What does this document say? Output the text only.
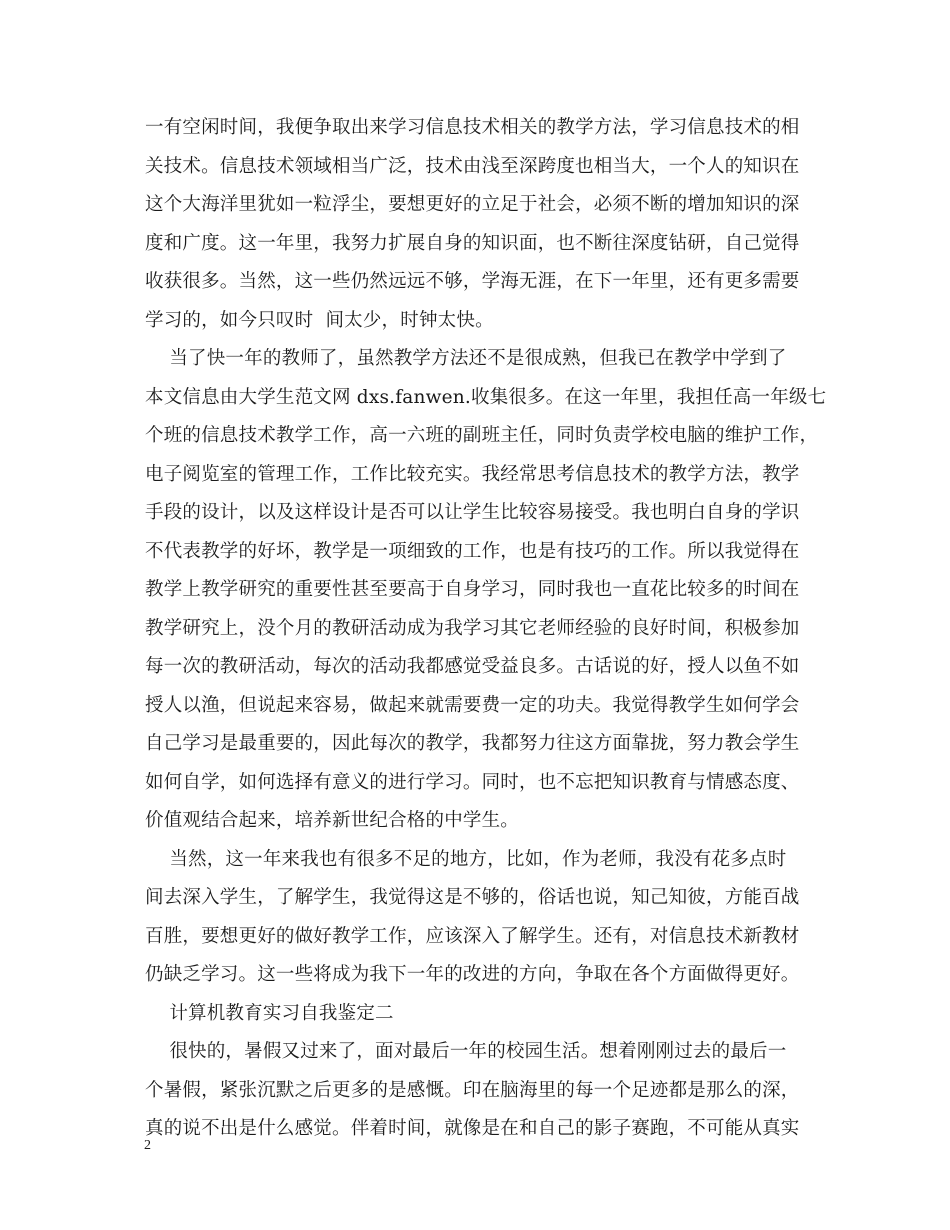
一有空闲时间，我便争取出来学习信息技术相关的教学方法，学习信息技术的相
关技术。信息技术领域相当广泛，技术由浅至深跨度也相当大，一个人的知识在
这个大海洋里犹如一粒浮尘，要想更好的立足于社会，必须不断的增加知识的深
度和广度。这一年里，我努力扩展自身的知识面，也不断往深度钻研，自己觉得
收获很多。当然，这一些仍然远远不够，学海无涯，在下一年里，还有更多需要
学习的，如今只叹时  间太少，时钟太快。
当了快一年的教师了，虽然教学方法还不是很成熟，但我已在教学中学到了
本文信息由大学生范文网 dxs.fanwen.收集很多。在这一年里，我担任高一年级七
个班的信息技术教学工作，高一六班的副班主任，同时负责学校电脑的维护工作，
电子阅览室的管理工作，工作比较充实。我经常思考信息技术的教学方法，教学
手段的设计，以及这样设计是否可以让学生比较容易接受。我也明白自身的学识
不代表教学的好坏，教学是一项细致的工作，也是有技巧的工作。所以我觉得在
教学上教学研究的重要性甚至要高于自身学习，同时我也一直花比较多的时间在
教学研究上，没个月的教研活动成为我学习其它老师经验的良好时间，积极参加
每一次的教研活动，每次的活动我都感觉受益良多。古话说的好，授人以鱼不如
授人以渔，但说起来容易，做起来就需要费一定的功夫。我觉得教学生如何学会
自己学习是最重要的，因此每次的教学，我都努力往这方面靠拢，努力教会学生
如何自学，如何选择有意义的进行学习。同时，也不忘把知识教育与情感态度、
价值观结合起来，培养新世纪合格的中学生。
当然，这一年来我也有很多不足的地方，比如，作为老师，我没有花多点时
间去深入学生，了解学生，我觉得这是不够的，俗话也说，知己知彼，方能百战
百胜，要想更好的做好教学工作，应该深入了解学生。还有，对信息技术新教材
仍缺乏学习。这一些将成为我下一年的改进的方向，争取在各个方面做得更好。
计算机教育实习自我鉴定二
很快的，暑假又过来了，面对最后一年的校园生活。想着刚刚过去的最后一
个暑假，紧张沉默之后更多的是感慨。印在脑海里的每一个足迹都是那么的深，
真的说不出是什么感觉。伴着时间，就像是在和自己的影子赛跑，不可能从真实
2
